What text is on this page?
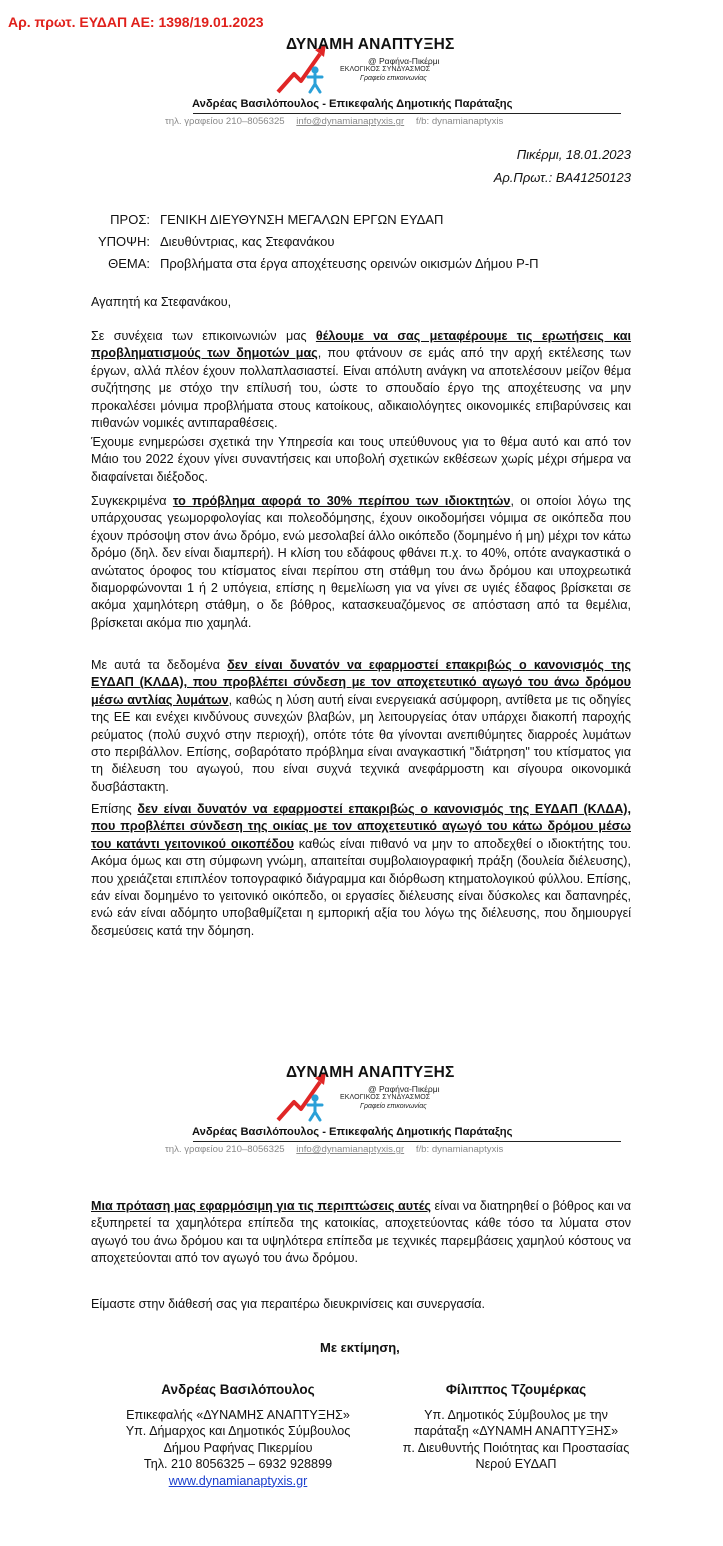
Αρ. πρωτ. ΕΥΔΑΠ ΑΕ: 1398/19.01.2023
ΔΥΝΑΜΗ ΑΝΑΠΤΥΞΗΣ
@ Ραφήνα-Πικέρμι
ΕΚΛΟΓΙΚΟΣ ΣΥΝΔΥΑΣΜΟΣ
Γραφείο επικοινωνίας
Ανδρέας Βασιλόπουλος - Επικεφαλής Δημοτικής Παράταξης
τηλ. γραφείου 210–8056325 info@dynamianaptyxis.gr f/b: dynamianaptyxis
Πικέρμι, 18.01.2023
Αρ.Πρωτ.: ΒΑ41250123
ΠΡΟΣ: ΓΕΝΙΚΗ ΔΙΕΥΘΥΝΣΗ ΜΕΓΑΛΩΝ ΕΡΓΩΝ ΕΥΔΑΠ
ΥΠΟΨΗ: Διευθύντριας, κας Στεφανάκου
ΘΕΜΑ: Προβλήματα στα έργα αποχέτευσης ορεινών οικισμών Δήμου Ρ-Π
Αγαπητή κα Στεφανάκου,
Σε συνέχεια των επικοινωνιών μας θέλουμε να σας μεταφέρουμε τις ερωτήσεις και προβληματισμούς των δημοτών μας, που φτάνουν σε εμάς από την αρχή εκτέλεσης των έργων, αλλά πλέον έχουν πολλαπλασιαστεί. Είναι απόλυτη ανάγκη να αποτελέσουν μείζον θέμα συζήτησης με στόχο την επίλυσή του, ώστε το σπουδαίο έργο της αποχέτευσης να μην προκαλέσει μόνιμα προβλήματα στους κατοίκους, αδικαιολόγητες οικονομικές επιβαρύνσεις και πιθανών νομικές αντιπαραθέσεις.
Έχουμε ενημερώσει σχετικά την Υπηρεσία και τους υπεύθυνους για το θέμα αυτό και από τον Μάιο του 2022 έχουν γίνει συναντήσεις και υποβολή σχετικών εκθέσεων χωρίς μέχρι σήμερα να διαφαίνεται διέξοδος.
Συγκεκριμένα το πρόβλημα αφορά το 30% περίπου των ιδιοκτητών, οι οποίοι λόγω της υπάρχουσας γεωμορφολογίας και πολεοδόμησης, έχουν οικοδομήσει νόμιμα σε οικόπεδα που έχουν πρόσοψη στον άνω δρόμο, ενώ μεσολαβεί άλλο οικόπεδο (δομημένο ή μη) μέχρι τον κάτω δρόμο (δηλ. δεν είναι διαμπερή). Η κλίση του εδάφους φθάνει π.χ. το 40%, οπότε αναγκαστικά ο ανώτατος όροφος του κτίσματος είναι περίπου στη στάθμη του άνω δρόμου και υποχρεωτικά διαμορφώνονται 1 ή 2 υπόγεια, επίσης η θεμελίωση για να γίνει σε υγιές έδαφος βρίσκεται σε ακόμα χαμηλότερη στάθμη, ο δε βόθρος, κατασκευαζόμενος σε απόσταση από τα θεμέλια, βρίσκεται ακόμα πιο χαμηλά.
Με αυτά τα δεδομένα δεν είναι δυνατόν να εφαρμοστεί επακριβώς ο κανονισμός της ΕΥΔΑΠ (ΚΛΔΑ), που προβλέπει σύνδεση με τον αποχετευτικό αγωγό του άνω δρόμου μέσω αντλίας λυμάτων, καθώς η λύση αυτή είναι ενεργειακά ασύμφορη, αντίθετα με τις οδηγίες της ΕΕ και ενέχει κινδύνους συνεχών βλαβών, μη λειτουργείας όταν υπάρχει διακοπή παροχής ρεύματος (πολύ συχνό στην περιοχή), οπότε τότε θα γίνονται ανεπιθύμητες διαρροές λυμάτων στο περιβάλλον. Επίσης, σοβαρότατο πρόβλημα είναι αναγκαστική "διάτρηση" του κτίσματος για τη διέλευση του αγωγού, που είναι συχνά τεχνικά ανεφάρμοστη και σίγουρα οικονομικά δυσβάστακτη.
Επίσης δεν είναι δυνατόν να εφαρμοστεί επακριβώς ο κανονισμός της ΕΥΔΑΠ (ΚΛΔΑ), που προβλέπει σύνδεση της οικίας με τον αποχετευτικό αγωγό του κάτω δρόμου μέσω του κατάντι γειτονικού οικοπέδου καθώς είναι πιθανό να μην το αποδεχθεί ο ιδιοκτήτης του. Ακόμα όμως και στη σύμφωνη γνώμη, απαιτείται συμβολαιογραφική πράξη (δουλεία διέλευσης), που χρειάζεται επιπλέον τοπογραφικό διάγραμμα και διόρθωση κτηματολογικού φύλλου. Επίσης, εάν είναι δομημένο το γειτονικό οικόπεδο, οι εργασίες διέλευσης είναι δύσκολες και δαπανηρές, ενώ εάν είναι αδόμητο υποβαθμίζεται η εμπορική αξία του λόγω της διέλευσης, που δημιουργεί δεσμεύσεις κατά την δόμηση.
ΔΥΝΑΜΗ ΑΝΑΠΤΥΞΗΣ
@ Ραφήνα-Πικέρμι
ΕΚΛΟΓΙΚΟΣ ΣΥΝΔΥΑΣΜΟΣ
Γραφείο επικοινωνίας
Ανδρέας Βασιλόπουλος - Επικεφαλής Δημοτικής Παράταξης
τηλ. γραφείου 210–8056325 info@dynamianaptyxis.gr f/b: dynamianaptyxis
Μια πρόταση μας εφαρμόσιμη για τις περιπτώσεις αυτές είναι να διατηρηθεί ο βόθρος και να εξυπηρετεί τα χαμηλότερα επίπεδα της κατοικίας, αποχετεύοντας κάθε τόσο τα λύματα στον αγωγό του άνω δρόμου και τα υψηλότερα επίπεδα με τεχνικές παρεμβάσεις χαμηλού κόστους να αποχετεύονται από τον αγωγό του άνω δρόμου.
Είμαστε στην διάθεσή σας για περαιτέρω διευκρινίσεις και συνεργασία.
Με εκτίμηση,
Ανδρέας Βασιλόπουλος
Επικεφαλής «ΔΥΝΑΜΗΣ ΑΝΑΠΤΥΞΗΣ»
Υπ. Δήμαρχος και Δημοτικός Σύμβουλος
Δήμου Ραφήνας Πικερμίου
Τηλ. 210 8056325 – 6932 928899
www.dynamianaptyxis.gr
Φίλιππος Τζουμέρκας
Υπ. Δημοτικός Σύμβουλος με την
παράταξη «ΔΥΝΑΜΗ ΑΝΑΠΤΥΞΗΣ»
π. Διευθυντής Ποιότητας και Προστασίας
Νερού ΕΥΔΑΠ
